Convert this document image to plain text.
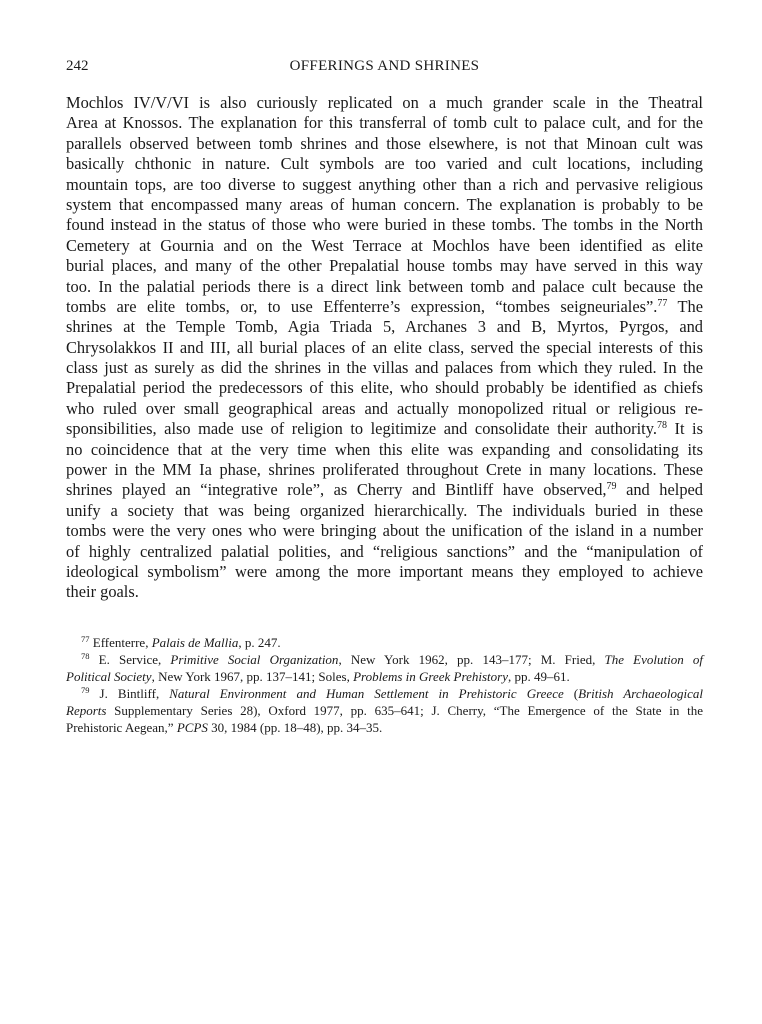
242	OFFERINGS AND SHRINES
Mochlos IV/V/VI is also curiously replicated on a much grander scale in the Theatral
Area at Knossos. The explanation for this transferral of tomb cult to palace cult, and for the
parallels observed between tomb shrines and those elsewhere, is not that Minoan cult was
basically chthonic in nature. Cult symbols are too varied and cult locations, including
mountain tops, are too diverse to suggest anything other than a rich and pervasive religious
system that encompassed many areas of human concern. The explanation is probably to be
found instead in the status of those who were buried in these tombs. The tombs in the North
Cemetery at Gournia and on the West Terrace at Mochlos have been identified as elite
burial places, and many of the other Prepalatial house tombs may have served in this way
too. In the palatial periods there is a direct link between tomb and palace cult because the
tombs are elite tombs, or, to use Effenterre’s expression, “tombes seigneuriales”.$^{77}$ The
shrines at the Temple Tomb, Agia Triada 5, Archanes 3 and B, Myrtos, Pyrgos, and
Chrysolakkos II and III, all burial places of an elite class, served the special interests of this
class just as surely as did the shrines in the villas and palaces from which they ruled. In the
Prepalatial period the predecessors of this elite, who should probably be identified as chiefs
who ruled over small geographical areas and actually monopolized ritual or religious re-
sponsibilities, also made use of religion to legitimize and consolidate their authority.$^{78}$ It is
no coincidence that at the very time when this elite was expanding and consolidating its
power in the MM Ia phase, shrines proliferated throughout Crete in many locations. These
shrines played an “integrative role”, as Cherry and Bintliff have observed,$^{79}$ and helped
unify a society that was being organized hierarchically. The individuals buried in these
tombs were the very ones who were bringing about the unification of the island in a number
of highly centralized palatial polities, and “religious sanctions” and the “manipulation of
ideological symbolism” were among the more important means they employed to achieve
their goals.
$^{77}$ Effenterre, Palais de Mallia, p. 247.
$^{78}$ E. Service, Primitive Social Organization, New York 1962, pp. 143–177; M. Fried, The Evolution of
Political Society, New York 1967, pp. 137–141; Soles, Problems in Greek Prehistory, pp. 49–61.
$^{79}$ J. Bintliff, Natural Environment and Human Settlement in Prehistoric Greece (British Archaeological
Reports Supplementary Series 28), Oxford 1977, pp. 635–641; J. Cherry, “The Emergence of the State in the
Prehistoric Aegean,” PCPS 30, 1984 (pp. 18–48), pp. 34–35.
